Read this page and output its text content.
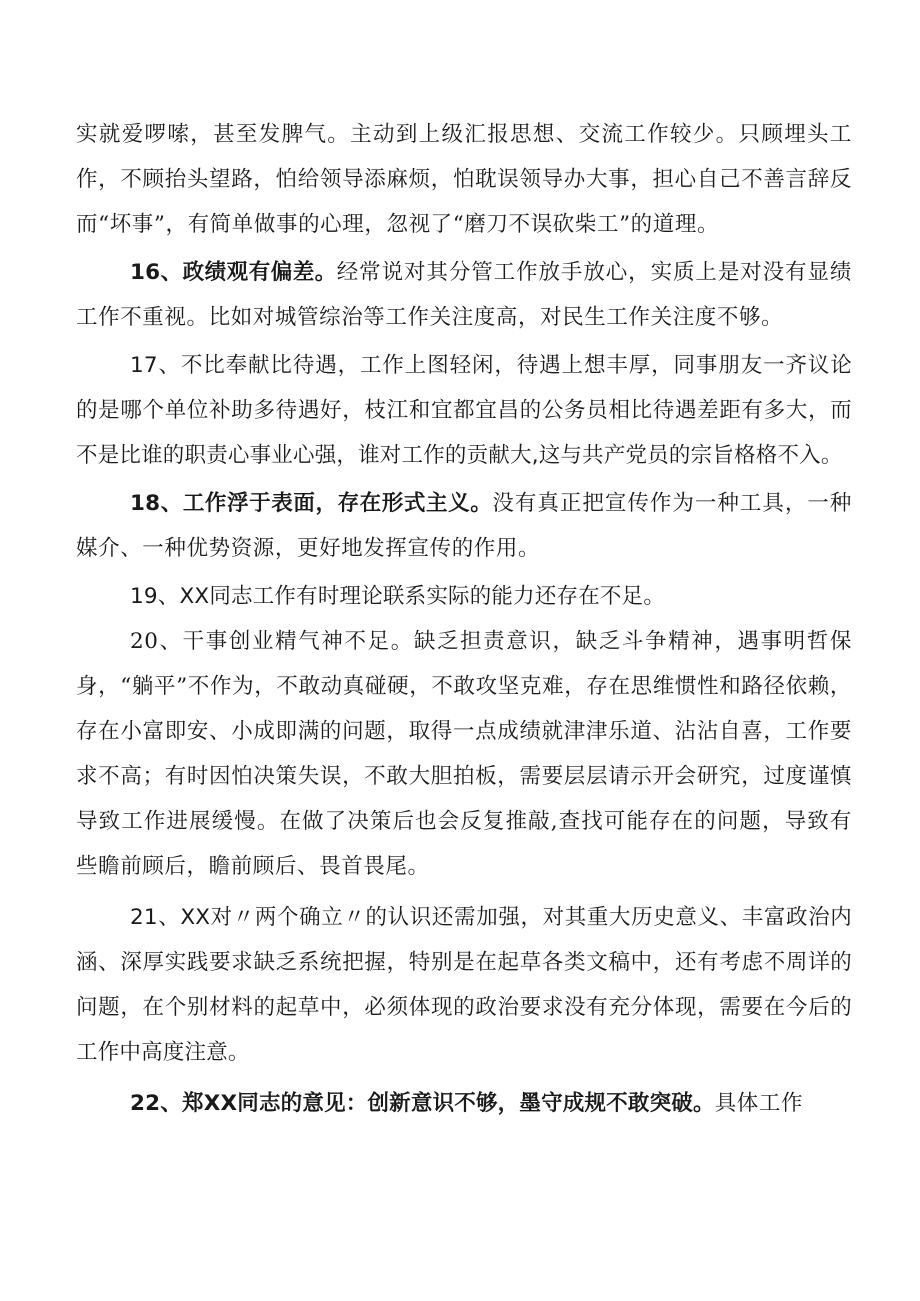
实就爱啰嗦，甚至发脾气。主动到上级汇报思想、交流工作较少。只顾埋头工作，不顾抬头望路，怕给领导添麻烦，怕耽误领导办大事，担心自己不善言辞反而“坏事”，有简单做事的心理，忽视了“磨刀不误砍柴工”的道理。

16、政绩观有偏差。经常说对其分管工作放手放心，实质上是对没有显绩工作不重视。比如对城管综治等工作关注度高，对民生工作关注度不够。

17、不比奉献比待遇，工作上图轻闲，待遇上想丰厚，同事朋友一齐议论的是哪个单位补助多待遇好，枝江和宜都宜昌的公务员相比待遇差距有多大，而不是比谁的职责心事业心强，谁对工作的贡献大,这与共产党员的宗旨格格不入。

18、工作浮于表面，存在形式主义。没有真正把宣传作为一种工具，一种媒介、一种优势资源，更好地发挥宣传的作用。

19、XX同志工作有时理论联系实际的能力还存在不足。

20、干事创业精气神不足。缺乏担责意识，缺乏斗争精神，遇事明哲保身，“躺平”不作为，不敢动真碰硬，不敢攻坚克难，存在思维惯性和路径依赖，存在小富即安、小成即满的问题，取得一点成绩就津津乐道、沾沾自喜，工作要求不高；有时因怕决策失误，不敢大胆拍板，需要层层请示开会研究，过度谨慎导致工作进展缓慢。在做了决策后也会反复推敲,查找可能存在的问题，导致有些瞻前顾后，瞻前顾后、畏首畏尾。

21、XX对〃两个确立〃的认识还需加强，对其重大历史意义、丰富政治内涵、深厚实践要求缺乏系统把握，特别是在起草各类文稿中，还有考虑不周详的问题，在个别材料的起草中，必须体现的政治要求没有充分体现，需要在今后的工作中高度注意。

22、郑XX同志的意见：创新意识不够，墨守成规不敢突破。具体工作
